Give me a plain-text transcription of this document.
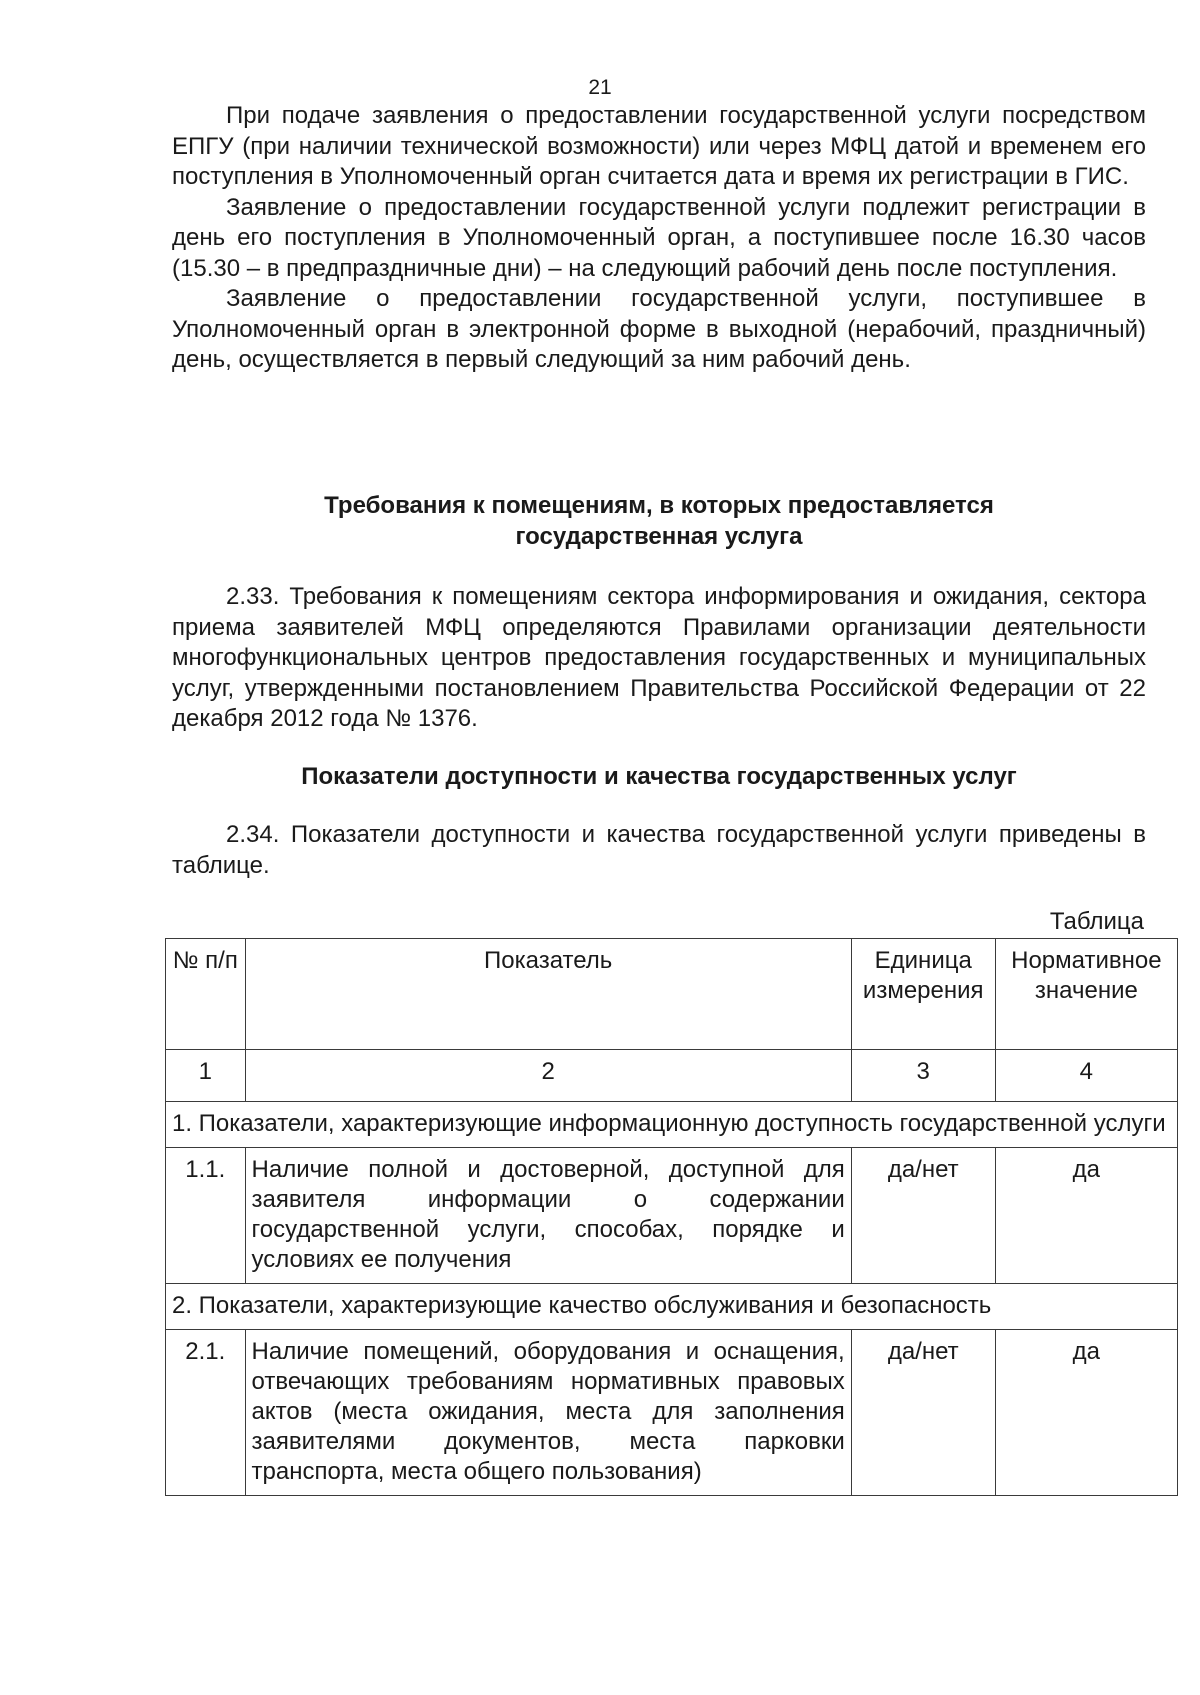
21

При подаче заявления о предоставлении государственной услуги посредством ЕПГУ (при наличии технической возможности) или через МФЦ датой и временем его поступления в Уполномоченный орган считается дата и время их регистрации в ГИС.

Заявление о предоставлении государственной услуги подлежит регистрации в день его поступления в Уполномоченный орган, а поступившее после 16.30 часов (15.30 – в предпраздничные дни) – на следующий рабочий день после поступления.

Заявление о предоставлении государственной услуги, поступившее в Уполномоченный орган в электронной форме в выходной (нерабочий, праздничный) день, осуществляется в первый следующий за ним рабочий день.

Требования к помещениям, в которых предоставляется

государственная услуга

2.33. Требования к помещениям сектора информирования и ожидания, сектора приема заявителей МФЦ определяются Правилами организации деятельности многофункциональных центров предоставления государственных и муниципальных услуг, утвержденными постановлением Правительства Российской Федерации от 22 декабря 2012 года № 1376.

Показатели доступности и качества государственных услуг

2.34. Показатели доступности и качества государственной услуги приведены в таблице.

Таблица
№ п/п	Показатель	Единица измерения	Нормативное значение
1	2	3	4
1. Показатели, характеризующие информационную доступность государственной услуги			
1.1.	Наличие полной и достоверной, доступной для заявителя информации о содержании государственной услуги, способах, порядке и условиях ее получения	да/нет	да
2. Показатели, характеризующие качество обслуживания и безопасность			
2.1.	Наличие помещений, оборудования и оснащения, отвечающих требованиям нормативных правовых актов (места ожидания, места для заполнения заявителями документов, места парковки транспорта, места общего пользования)	да/нет	да
